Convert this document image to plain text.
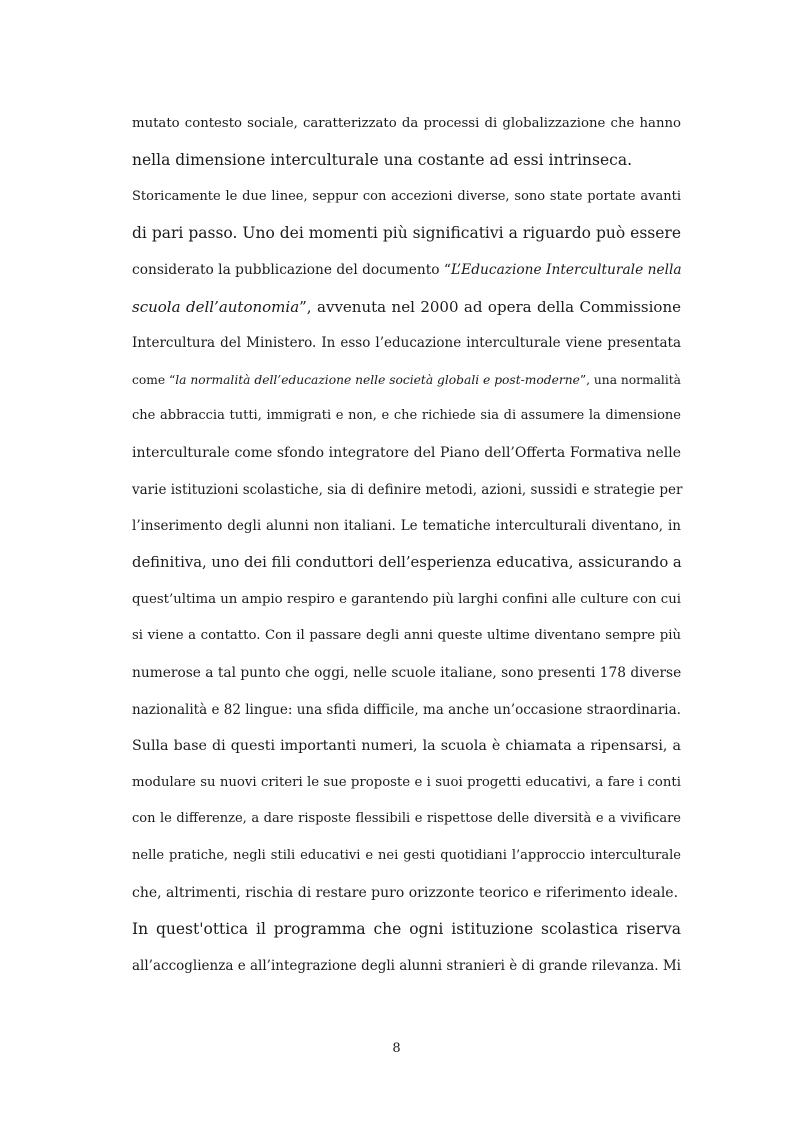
mutato contesto sociale, caratterizzato da processi di globalizzazione che hanno
nella dimensione interculturale una costante ad essi intrinseca.
Storicamente le due linee, seppur con accezioni diverse, sono state portate avanti
di pari passo. Uno dei momenti più significativi a riguardo può essere
considerato la pubblicazione del documento “L’Educazione Interculturale nella
scuola dell’autonomia”, avvenuta nel 2000 ad opera della Commissione
Intercultura del Ministero. In esso l’educazione interculturale viene presentata
come “la normalità dell’educazione nelle società globali e post-moderne”, una normalità
che abbraccia tutti, immigrati e non, e che richiede sia di assumere la dimensione
interculturale come sfondo integratore del Piano dell’Offerta Formativa nelle
varie istituzioni scolastiche, sia di definire metodi, azioni, sussidi e strategie per
l’inserimento degli alunni non italiani. Le tematiche interculturali diventano, in
definitiva, uno dei fili conduttori dell’esperienza educativa, assicurando a
quest’ultima un ampio respiro e garantendo più larghi confini alle culture con cui
si viene a contatto. Con il passare degli anni queste ultime diventano sempre più
numerose a tal punto che oggi, nelle scuole italiane, sono presenti 178 diverse
nazionalità e 82 lingue: una sfida difficile, ma anche un’occasione straordinaria.
Sulla base di questi importanti numeri, la scuola è chiamata a ripensarsi, a
modulare su nuovi criteri le sue proposte e i suoi progetti educativi, a fare i conti
con le differenze, a dare risposte flessibili e rispettose delle diversità e a vivificare
nelle pratiche, negli stili educativi e nei gesti quotidiani l’approccio interculturale
che, altrimenti, rischia di restare puro orizzonte teorico e riferimento ideale.
In quest'ottica il programma che ogni istituzione scolastica riserva
all’accoglienza e all’integrazione degli alunni stranieri è di grande rilevanza. Mi
8
